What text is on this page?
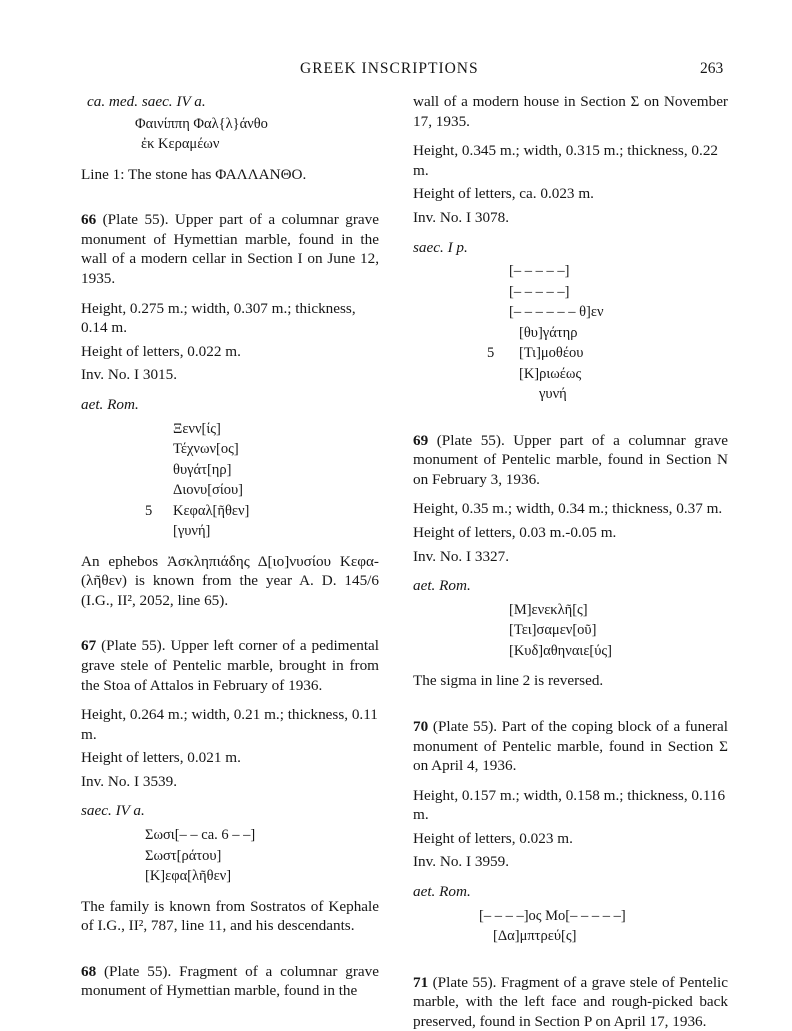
GREEK INSCRIPTIONS	263

ca. med. saec. IV a.

Φαινίππη Φαλ{λ}άνθο
ἐκ Κεραμέων

Line 1: The stone has ΦΑΛΛΑΝΘΟ.

66 (Plate 55). Upper part of a columnar grave monument of Hymettian marble, found in the wall of a modern cellar in Section I on June 12, 1935.

Height, 0.275 m.; width, 0.307 m.; thickness, 0.14 m.

Height of letters, 0.022 m.

Inv. No. I 3015.

aet. Rom.

Ξενν[ίς]
Τέχνων[ος]
θυγάτ[ηρ]
Διονυ[σίου]
5 Κεφαλ[ῆθεν]
[γυνή]

An ephebos Ἀσκληπιάδης Δ[ιο]νυσίου Κεφα-(λῆθεν) is known from the year A. D. 145/6 (I.G., II², 2052, line 65).

67 (Plate 55). Upper left corner of a pedimental grave stele of Pentelic marble, brought in from the Stoa of Attalos in February of 1936.

Height, 0.264 m.; width, 0.21 m.; thickness, 0.11 m.

Height of letters, 0.021 m.

Inv. No. I 3539.

saec. IV a.

Σωσι[– – ca. 6 – –]
Σωστ[ράτου]
[Κ]εφα[λῆθεν]

The family is known from Sostratos of Kephale of I.G., II², 787, line 11, and his descendants.

68 (Plate 55). Fragment of a columnar grave monument of Hymettian marble, found in the

wall of a modern house in Section Σ on November 17, 1935.

Height, 0.345 m.; width, 0.315 m.; thickness, 0.22 m.

Height of letters, ca. 0.023 m.

Inv. No. I 3078.

saec. I p.

[– – – – –]
[– – – – –]
[– – – – – – θ]εν
[θυ]γάτηρ
5 [Τι]μοθέου
[Κ]ριωέως
γυνή

69 (Plate 55). Upper part of a columnar grave monument of Pentelic marble, found in Section N on February 3, 1936.

Height, 0.35 m.; width, 0.34 m.; thickness, 0.37 m.

Height of letters, 0.03 m.-0.05 m.

Inv. No. I 3327.

aet. Rom.

[Μ]ενεκλῆ[ς]
[Τει]σαμεν[οῦ]
[Κυδ]αθηναιε[ύς]

The sigma in line 2 is reversed.

70 (Plate 55). Part of the coping block of a funeral monument of Pentelic marble, found in Section Σ on April 4, 1936.

Height, 0.157 m.; width, 0.158 m.; thickness, 0.116 m.

Height of letters, 0.023 m.

Inv. No. I 3959.

aet. Rom.

[– – – –]ος Μο[– – – – –]
[Δα]μπτρεύ[ς]

71 (Plate 55). Fragment of a grave stele of Pentelic marble, with the left face and rough-picked back preserved, found in Section P on April 17, 1936.
